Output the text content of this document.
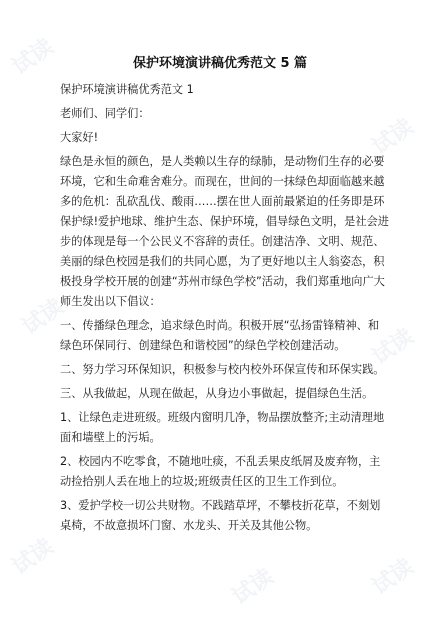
试读
试读
试读
试读
试读
试读	试读
保护环境演讲稿优秀范文 5 篇

保护环境演讲稿优秀范文 1

老师们、同学们：

大家好!

绿色是永恒的颜色，是人类赖以生存的绿肺，是动物们生存的必要环境，它和生命难舍难分。而现在，世间的一抹绿色却面临越来越多的危机：乱砍乱伐、酸雨……摆在世人面前最紧迫的任务即是环保护绿!爱护地球、维护生态、保护环境，倡导绿色文明，是社会进步的体现是每一个公民义不容辞的责任。创建洁净、文明、规范、美丽的绿色校园是我们的共同心愿，为了更好地以主人翁姿态，积极投身学校开展的创建“苏州市绿色学校”活动，我们郑重地向广大师生发出以下倡议：

一、传播绿色理念，追求绿色时尚。积极开展“弘扬雷锋精神、和绿色环保同行、创建绿色和谐校园”的绿色学校创建活动。

二、努力学习环保知识，积极参与校内校外环保宣传和环保实践。

三、从我做起，从现在做起，从身边小事做起，提倡绿色生活。

1、让绿色走进班级。班级内窗明几净，物品摆放整齐;主动清理地面和墙壁上的污垢。

2、校园内不吃零食，不随地吐痰，不乱丢果皮纸屑及废弃物，主动捡拾别人丢在地上的垃圾;班级责任区的卫生工作到位。

3、爱护学校一切公共财物。不践踏草坪，不攀枝折花草，不刻划桌椅，不故意损坏门窗、水龙头、开关及其他公物。
